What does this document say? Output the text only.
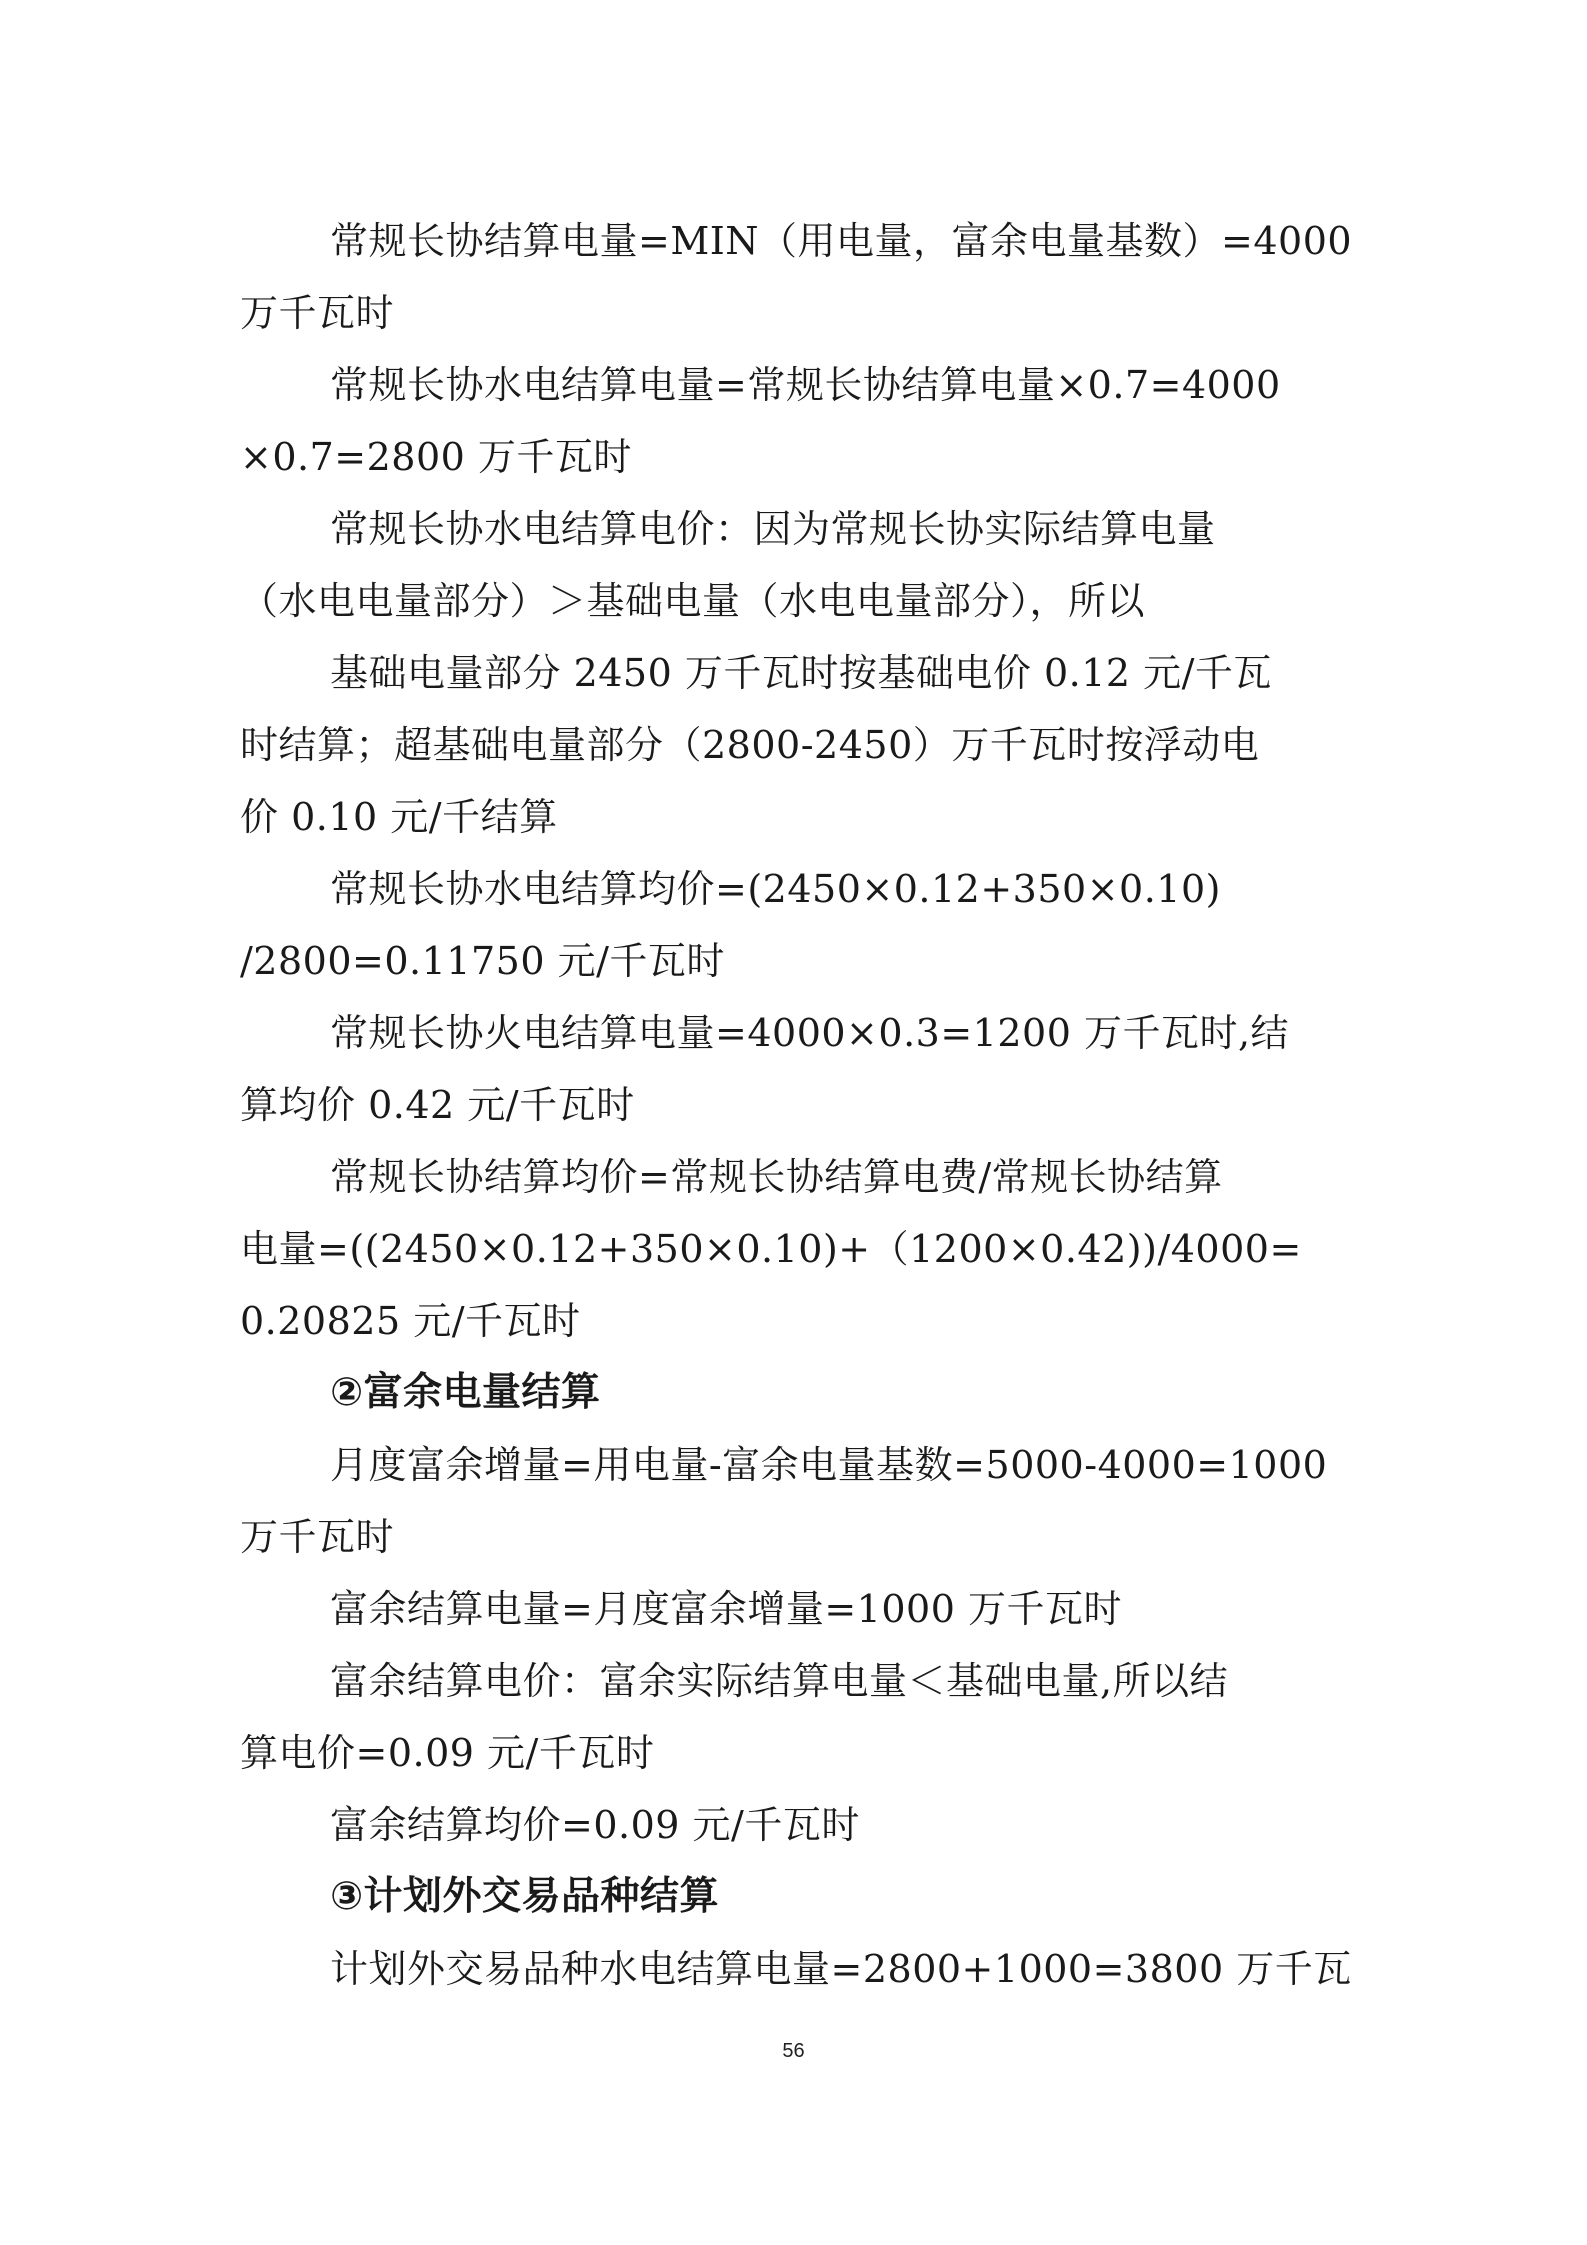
常规长协结算电量=MIN（用电量，富余电量基数）=4000
万千瓦时
常规长协水电结算电量=常规长协结算电量×0.7=4000
×0.7=2800 万千瓦时
常规长协水电结算电价：因为常规长协实际结算电量
（水电电量部分）＞基础电量（水电电量部分），所以
基础电量部分 2450 万千瓦时按基础电价 0.12 元/千瓦
时结算；超基础电量部分（2800-2450）万千瓦时按浮动电
价 0.10 元/千结算
常规长协水电结算均价=(2450×0.12+350×0.10)
/2800=0.11750 元/千瓦时
常规长协火电结算电量=4000×0.3=1200 万千瓦时,结
算均价 0.42 元/千瓦时
常规长协结算均价=常规长协结算电费/常规长协结算
电量=((2450×0.12+350×0.10)+（1200×0.42))/4000=
0.20825 元/千瓦时
②富余电量结算
月度富余增量=用电量-富余电量基数=5000-4000=1000
万千瓦时
富余结算电量=月度富余增量=1000 万千瓦时
富余结算电价：富余实际结算电量＜基础电量,所以结
算电价=0.09 元/千瓦时
富余结算均价=0.09 元/千瓦时
③计划外交易品种结算
计划外交易品种水电结算电量=2800+1000=3800 万千瓦
56
